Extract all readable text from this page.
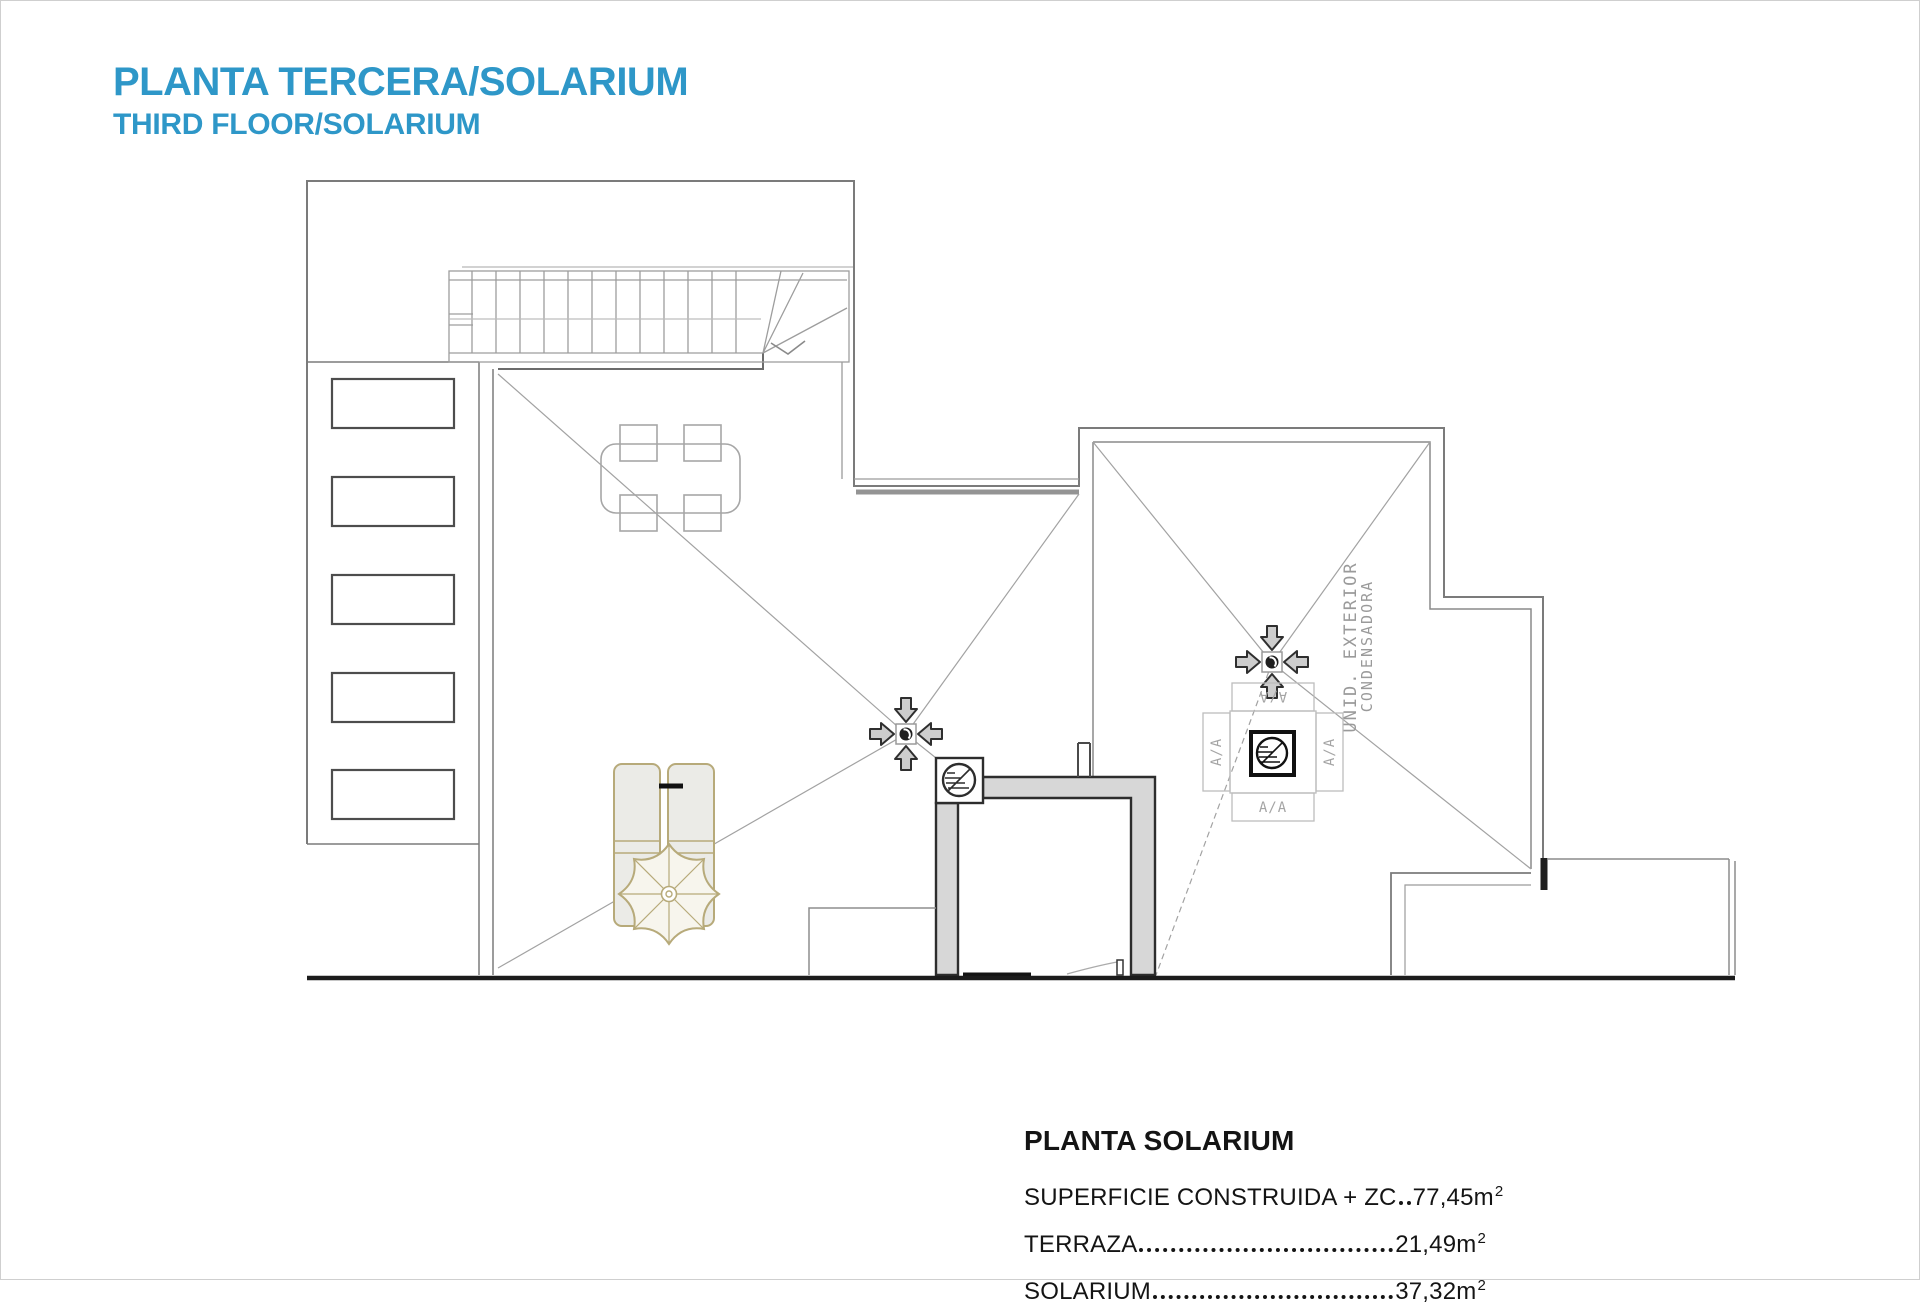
PLANTA TERCERA/SOLARIUM
THIRD FLOOR/SOLARIUM
A/A
A/A
A/A	A/A
UNID. EXTERIOR
CONDENSADORA
PLANTA SOLARIUM
SUPERFICIE CONSTRUIDA + ZC $77,45m^2$
TERRAZA	$21,49m^2$
SOLARIUM	$37,32m^2$
